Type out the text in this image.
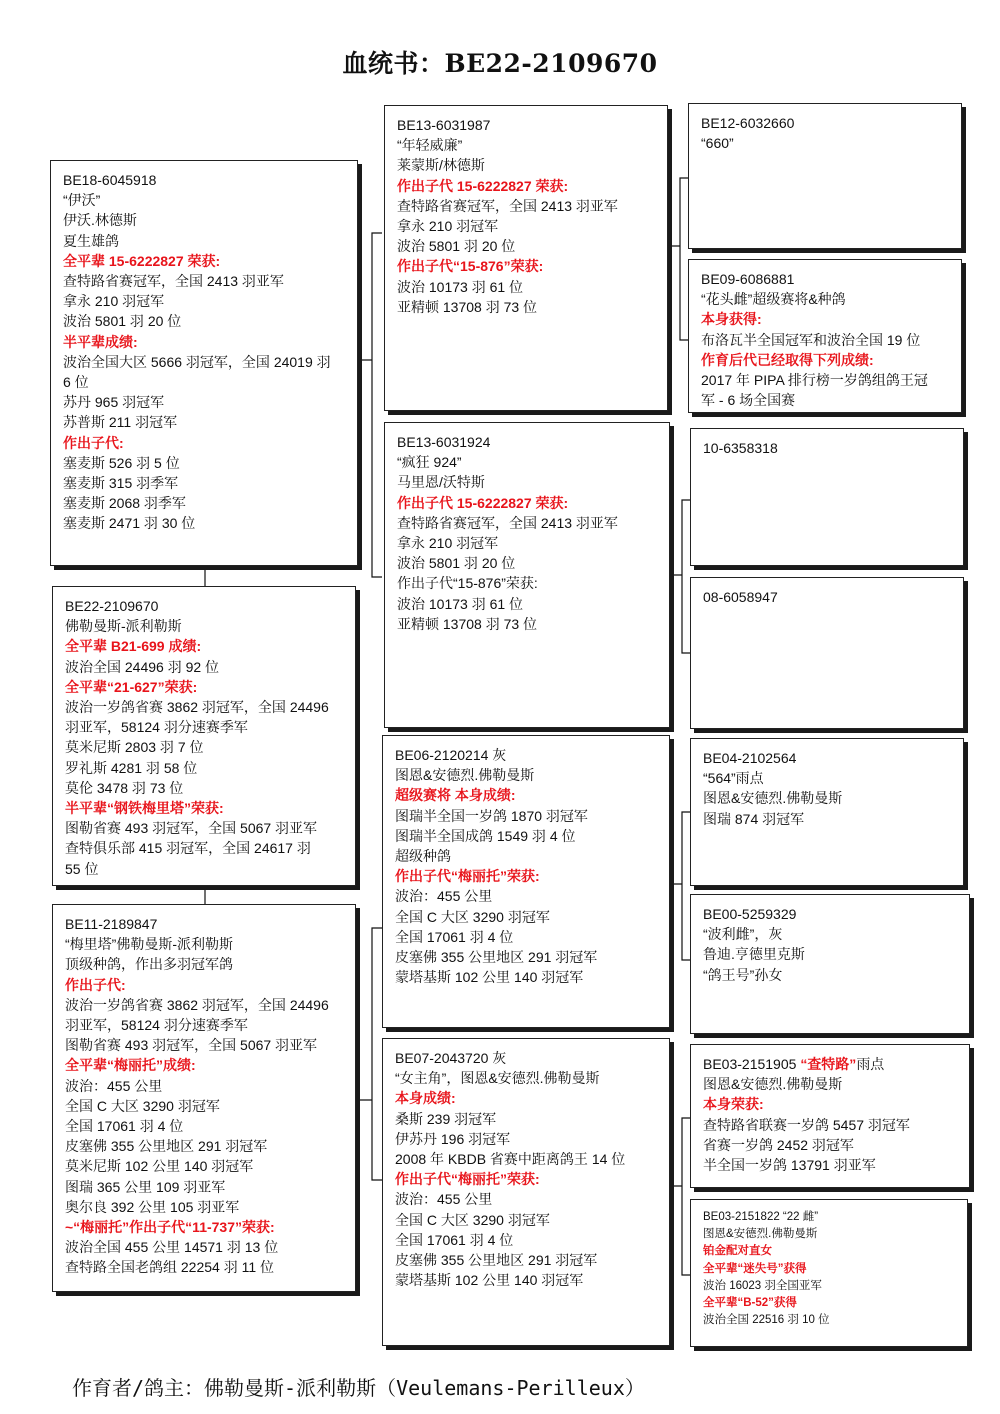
血统书：BE22-2109670
BE18-6045918
“伊沃”
伊沃.林德斯
夏生雄鸽
全平辈 15-6222827 荣获:
查特路省赛冠军，全国 2413 羽亚军
拿永 210 羽冠军
波治 5801 羽 20 位
半平辈成绩:
波治全国大区 5666 羽冠军，全国 24019 羽
6 位
苏丹 965 羽冠军
苏普斯 211 羽冠军
作出子代:
塞麦斯 526 羽 5 位
塞麦斯 315 羽季军
塞麦斯 2068 羽季军
塞麦斯 2471 羽 30 位
BE22-2109670
佛勒曼斯-派利勒斯
全平辈 B21-699 成绩:
波治全国 24496 羽 92 位
全平辈“21-627”荣获:
波治一岁鸽省赛 3862 羽冠军，全国 24496
羽亚军，58124 羽分速赛季军
莫米尼斯 2803 羽 7 位
罗礼斯 4281 羽 58 位
莫伦 3478 羽 73 位
半平辈“钢铁梅里塔”荣获:
图勒省赛 493 羽冠军，全国 5067 羽亚军
查特俱乐部 415 羽冠军，全国 24617 羽
55 位
BE11-2189847
“梅里塔”佛勒曼斯-派利勒斯
顶级种鸽，作出多羽冠军鸽
作出子代:
波治一岁鸽省赛 3862 羽冠军，全国 24496
羽亚军，58124 羽分速赛季军
图勒省赛 493 羽冠军，全国 5067 羽亚军
全平辈“梅丽托”成绩:
波治：455 公里
全国 C 大区 3290 羽冠军
全国 17061 羽 4 位
皮塞佛 355 公里地区 291 羽冠军
莫米尼斯 102 公里 140 羽冠军
图瑞 365 公里 109 羽亚军
奥尔良 392 公里 105 羽亚军
~“梅丽托”作出子代“11-737”荣获:
波治全国 455 公里 14571 羽 13 位
查特路全国老鸽组 22254 羽 11 位
BE13-6031987
“年轻威廉”
莱蒙斯/林德斯
作出子代 15-6222827 荣获:
查特路省赛冠军，全国 2413 羽亚军
拿永 210 羽冠军
波治 5801 羽 20 位
作出子代“15-876”荣获:
波治 10173 羽 61 位
亚精顿 13708 羽 73 位
BE13-6031924
“疯狂 924”
马里恩/沃特斯
作出子代 15-6222827 荣获:
查特路省赛冠军，全国 2413 羽亚军
拿永 210 羽冠军
波治 5801 羽 20 位
作出子代“15-876”荣获:
波治 10173 羽 61 位
亚精顿 13708 羽 73 位
BE06-2120214 灰
图恩&安德烈.佛勒曼斯
超级赛将 本身成绩:
图瑞半全国一岁鸽 1870 羽冠军
图瑞半全国成鸽 1549 羽 4 位
超级种鸽
作出子代“梅丽托”荣获:
波治：455 公里
全国 C 大区 3290 羽冠军
全国 17061 羽 4 位
皮塞佛 355 公里地区 291 羽冠军
蒙塔基斯 102 公里 140 羽冠军
BE07-2043720 灰
“女主角”，图恩&安德烈.佛勒曼斯
本身成绩:
桑斯 239 羽冠军
伊苏丹 196 羽冠军
2008 年 KBDB 省赛中距离鸽王 14 位
作出子代“梅丽托”荣获:
波治：455 公里
全国 C 大区 3290 羽冠军
全国 17061 羽 4 位
皮塞佛 355 公里地区 291 羽冠军
蒙塔基斯 102 公里 140 羽冠军
BE12-6032660
“660”
BE09-6086881
“花头雌”超级赛将&种鸽
本身获得:
布洛瓦半全国冠军和波治全国 19 位
作育后代已经取得下列成绩:
2017 年 PIPA 排行榜一岁鸽组鸽王冠
军 - 6 场全国赛
10-6358318
08-6058947
BE04-2102564
“564”雨点
图恩&安德烈.佛勒曼斯
图瑞 874 羽冠军
BE00-5259329
“波利雌”，灰
鲁迪.亨德里克斯
“鸽王号”孙女
BE03-2151905 “查特路”雨点
图恩&安德烈.佛勒曼斯
本身荣获:
查特路省联赛一岁鸽 5457 羽冠军
省赛一岁鸽 2452 羽冠军
半全国一岁鸽 13791 羽亚军
BE03-2151822 “22 雌”
图恩&安德烈.佛勒曼斯
铂金配对直女
全平辈“迷失号”获得
波治 16023 羽全国亚军
全平辈“B-52”获得
波治全国 22516 羽 10 位
作育者/鸽主：佛勒曼斯-派利勒斯（Veulemans-Perilleux）
